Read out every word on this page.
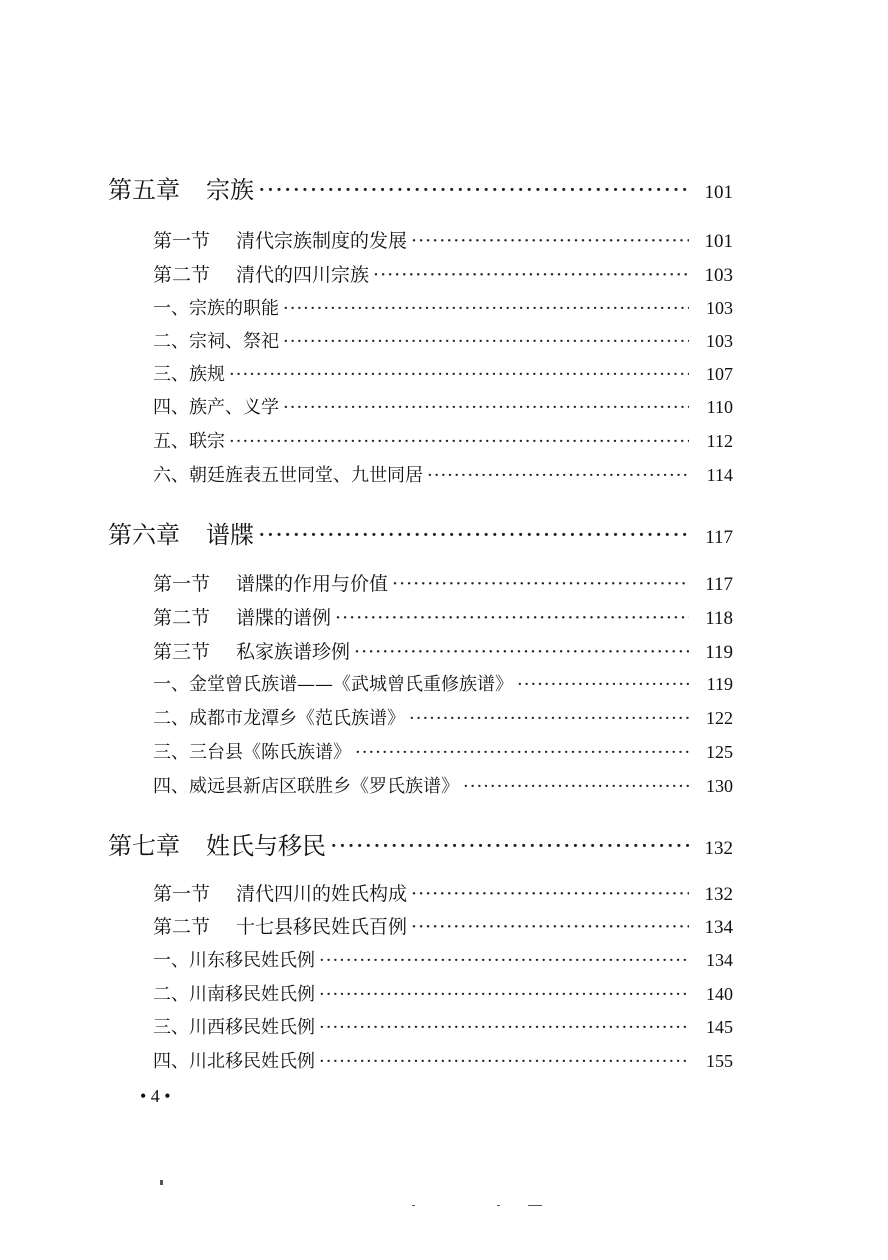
第五章 宗族 ·····	101
第一节 清代宗族制度的发展 ·····	101
第二节 清代的四川宗族 ·····	103
一、宗族的职能 ·····	103
二、宗祠、祭祀 ·····	103
三、族规 ·····	107
四、族产、义学 ·····	110
五、联宗 ·····	112
六、朝廷旌表五世同堂、九世同居 ·····	114
第六章 谱牒 ·····	117
第一节 谱牒的作用与价值 ·····	117
第二节 谱牒的谱例 ·····	118
第三节 私家族谱珍例 ·····	119
一、金堂曾氏族谱——《武城曾氏重修族谱》 ·····	119
二、成都市龙潭乡《范氏族谱》 ·····	122
三、三台县《陈氏族谱》 ·····	125
四、威远县新店区联胜乡《罗氏族谱》 ·····	130
第七章 姓氏与移民 ·····	132
第一节 清代四川的姓氏构成 ·····	132
第二节 十七县移民姓氏百例 ·····	134
一、川东移民姓氏例 ·····	134
二、川南移民姓氏例 ·····	140
三、川西移民姓氏例 ·····	145
四、川北移民姓氏例 ·····	155
• 4 •
